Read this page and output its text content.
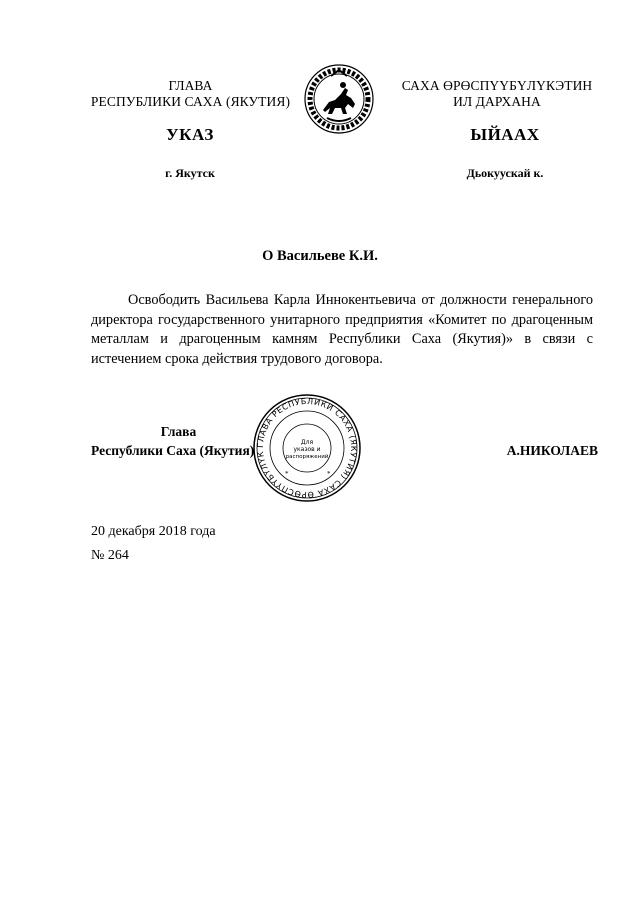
ГЛАВА
РЕСПУБЛИКИ САХА (ЯКУТИЯ)
САХА ӨРӨСПҮҮБҮЛҮКЭТИН
ИЛ ДАРХАНА
УКАЗ	ЫЙААХ
г. Якутск	Дьокуускай к.
О Васильеве К.И.
Освободить Васильева Карла Иннокентьевича от должности генерального директора государственного унитарного предприятия «Комитет по драгоценным металлам и драгоценным камням Республики Саха (Якутия)» в связи с истечением срока действия трудового договора.
ГЛАВА РЕСПУБЛИКИ САХА (ЯКУТИЯ) САХА ӨРӨСПҮҮБҮЛҮК
Для
указов и
распоряжений
*	*
Глава
Республики Саха (Якутия)	А.НИКОЛАЕВ
20 декабря 2018 года
№ 264
